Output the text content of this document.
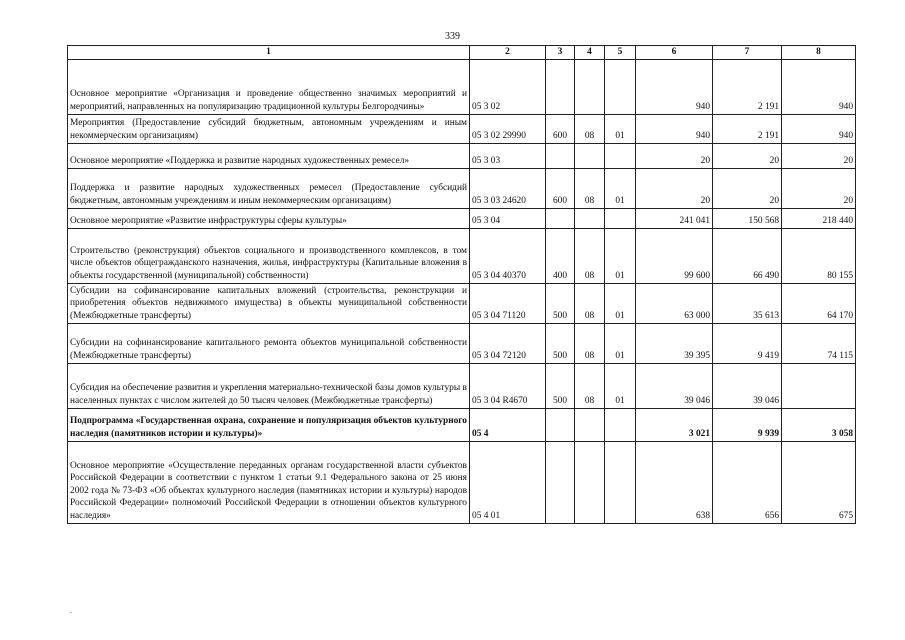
339
1	2	3	4	5	6	7	8
Основное мероприятие «Организация и проведение общественно значимых мероприятий и мероприятий, направленных на популяризацию традиционной культуры Белгородчины»	05 3 02				940	2 191	940
Мероприятия (Предоставление субсидий бюджетным, автономным учреждениям и иным некоммерческим организациям)	05 3 02 29990	600	08	01	940	2 191	940
Основное мероприятие «Поддержка и развитие народных художественных ремесел»	05 3 03				20	20	20
Поддержка и развитие народных художественных ремесел (Предоставление субсидий бюджетным, автономным учреждениям и иным некоммерческим организациям)	05 3 03 24620	600	08	01	20	20	20
Основное мероприятие «Развитие инфраструктуры сферы культуры»	05 3 04				241 041	150 568	218 440
Строительство (реконструкция) объектов социального и производственного комплексов, в том числе объектов общегражданского назначения, жилья, инфраструктуры (Капитальные вложения в объекты государственной (муниципальной) собственности)	05 3 04 40370	400	08	01	99 600	66 490	80 155
Субсидии на софинансирование капитальных вложений (строительства, реконструкции и приобретения объектов недвижимого имущества) в объекты муниципальной собственности (Межбюджетные трансферты)	05 3 04 71120	500	08	01	63 000	35 613	64 170
Субсидии на софинансирование капитального ремонта объектов муниципальной собственности (Межбюджетные трансферты)	05 3 04 72120	500	08	01	39 395	9 419	74 115
Субсидия на обеспечение развития и укрепления материально-технической базы домов культуры в населенных пунктах с числом жителей до 50 тысяч человек (Межбюджетные трансферты)	05 3 04 R4670	500	08	01	39 046	39 046	
Подпрограмма «Государственная охрана, сохранение и популяризация объектов культурного наследия (памятников истории и культуры)»	05 4				3 021	9 939	3 058
Основное мероприятие «Осуществление переданных органам государственной власти субъектов Российской Федерации в соответствии с пунктом 1 статьи 9.1 Федерального закона от 25 июня 2002 года № 73-ФЗ «Об объектах культурного наследия (памятниках истории и культуры) народов Российской Федерации» полномочий Российской Федерации в отношении объектов культурного наследия»	05 4 01				638	656	675
